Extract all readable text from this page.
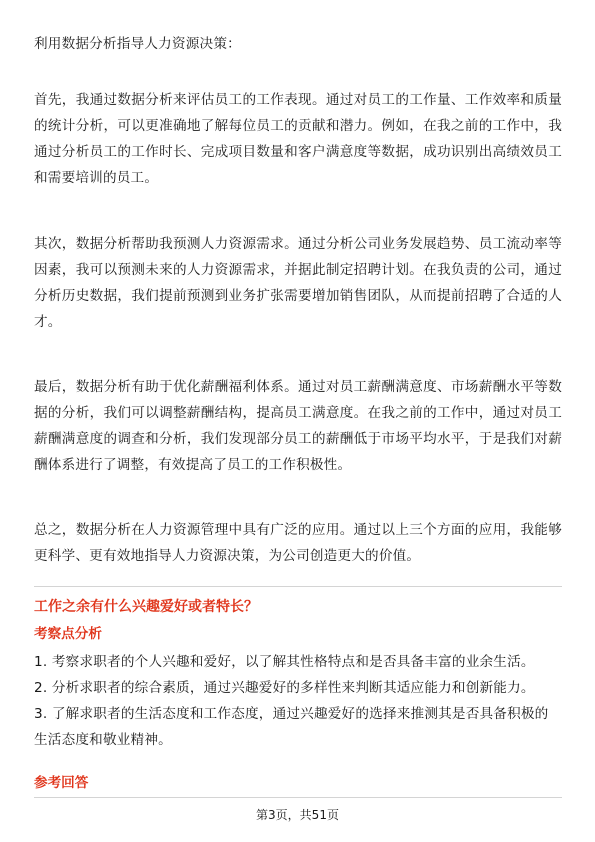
利用数据分析指导人力资源决策：

首先，我通过数据分析来评估员工的工作表现。通过对员工的工作量、工作效率和质量的统计分析，可以更准确地了解每位员工的贡献和潜力。例如，在我之前的工作中，我通过分析员工的工作时长、完成项目数量和客户满意度等数据，成功识别出高绩效员工和需要培训的员工。

其次，数据分析帮助我预测人力资源需求。通过分析公司业务发展趋势、员工流动率等因素，我可以预测未来的人力资源需求，并据此制定招聘计划。在我负责的公司，通过分析历史数据，我们提前预测到业务扩张需要增加销售团队，从而提前招聘了合适的人才。

最后，数据分析有助于优化薪酬福利体系。通过对员工薪酬满意度、市场薪酬水平等数据的分析，我们可以调整薪酬结构，提高员工满意度。在我之前的工作中，通过对员工薪酬满意度的调查和分析，我们发现部分员工的薪酬低于市场平均水平，于是我们对薪酬体系进行了调整，有效提高了员工的工作积极性。

总之，数据分析在人力资源管理中具有广泛的应用。通过以上三个方面的应用，我能够更科学、更有效地指导人力资源决策，为公司创造更大的价值。

工作之余有什么兴趣爱好或者特长？
考察点分析
1. 考察求职者的个人兴趣和爱好，以了解其性格特点和是否具备丰富的业余生活。
2. 分析求职者的综合素质，通过兴趣爱好的多样性来判断其适应能力和创新能力。
3. 了解求职者的生活态度和工作态度，通过兴趣爱好的选择来推测其是否具备积极的生活态度和敬业精神。
参考回答
第3页，共51页
